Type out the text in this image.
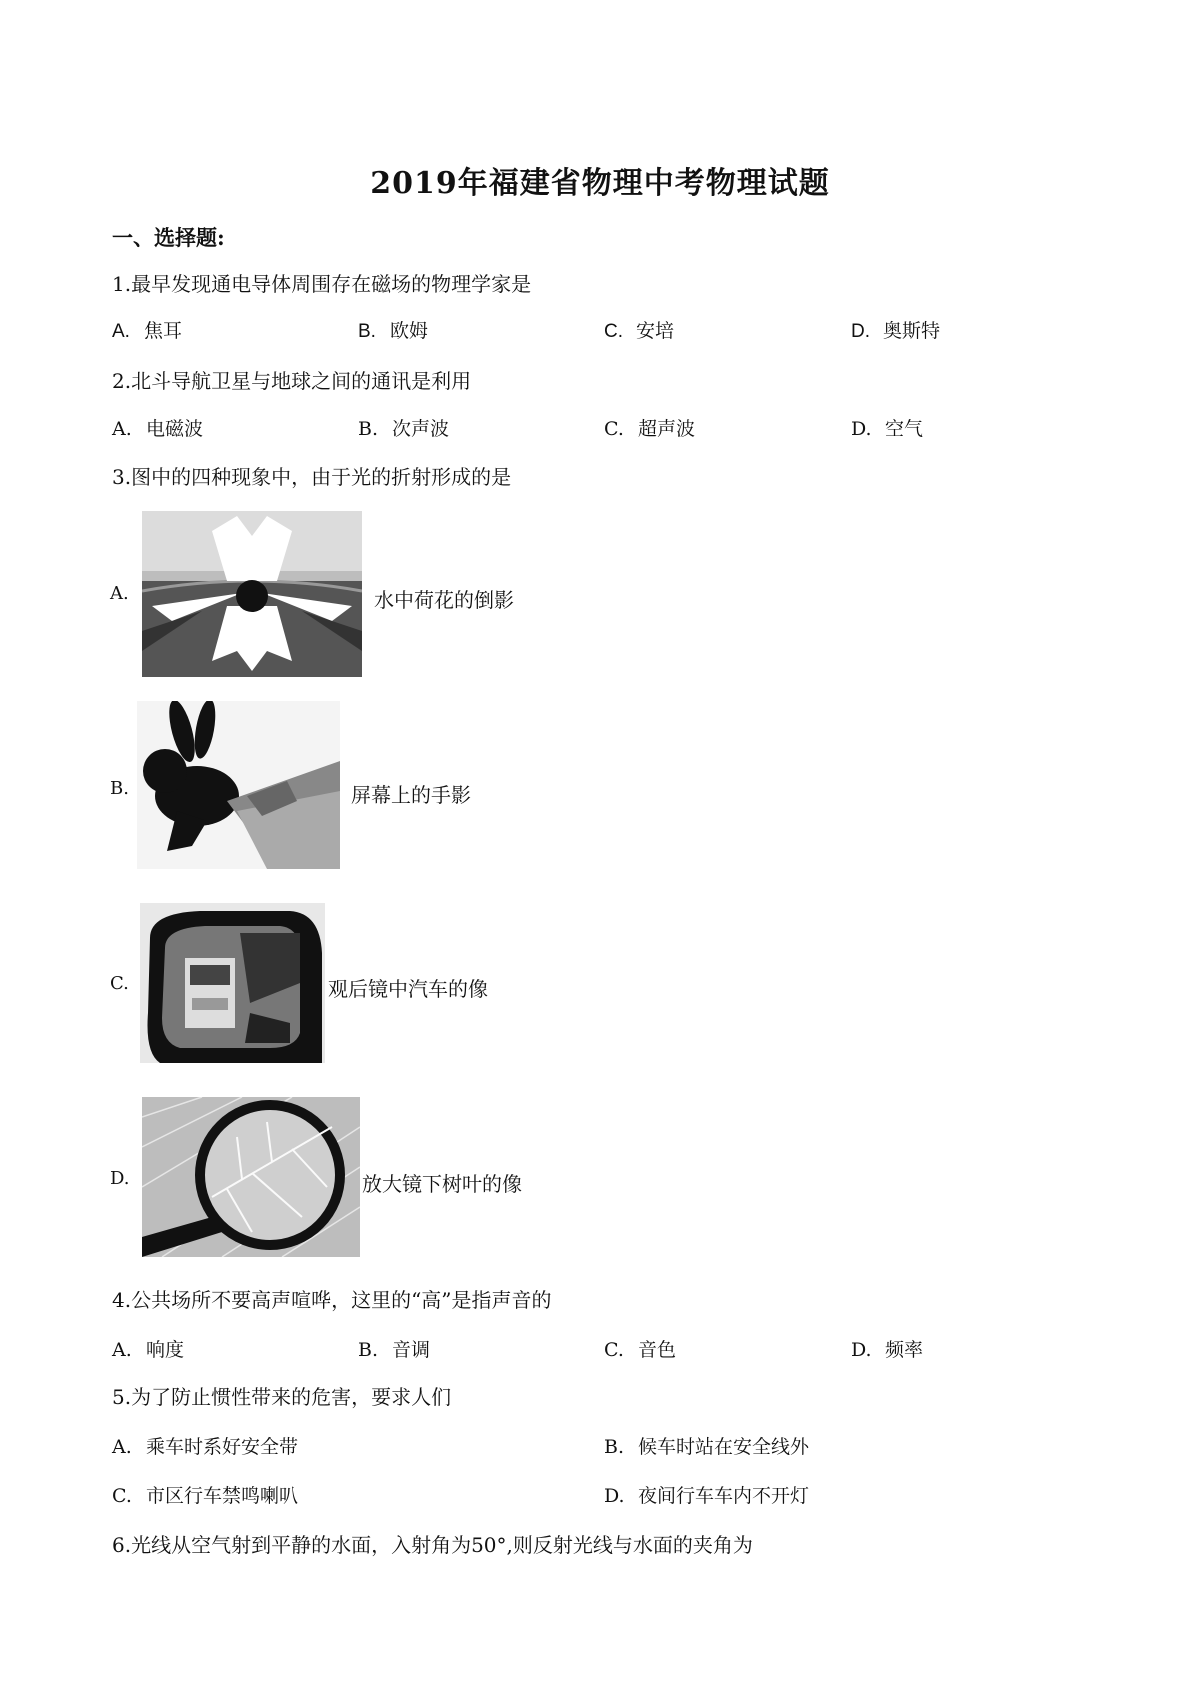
2019年福建省物理中考物理试题
一、选择题:
1.最早发现通电导体周围存在磁场的物理学家是
A. 焦耳	B. 欧姆	C. 安培	D. 奥斯特
2.北斗导航卫星与地球之间的通讯是利用
A. 电磁波	B. 次声波	C. 超声波	D. 空气
3.图中的四种现象中，由于光的折射形成的是
A.	水中荷花的倒影
B.	屏幕上的手影
C.	观后镜中汽车的像
D.	放大镜下树叶的像
4.公共场所不要高声喧哗，这里的“高”是指声音的
A. 响度	B. 音调	C. 音色	D. 频率
5.为了防止惯性带来的危害，要求人们
A. 乘车时系好安全带	B. 候车时站在安全线外
C. 市区行车禁鸣喇叭	D. 夜间行车车内不开灯
6.光线从空气射到平静的水面，入射角为50°,则反射光线与水面的夹角为
